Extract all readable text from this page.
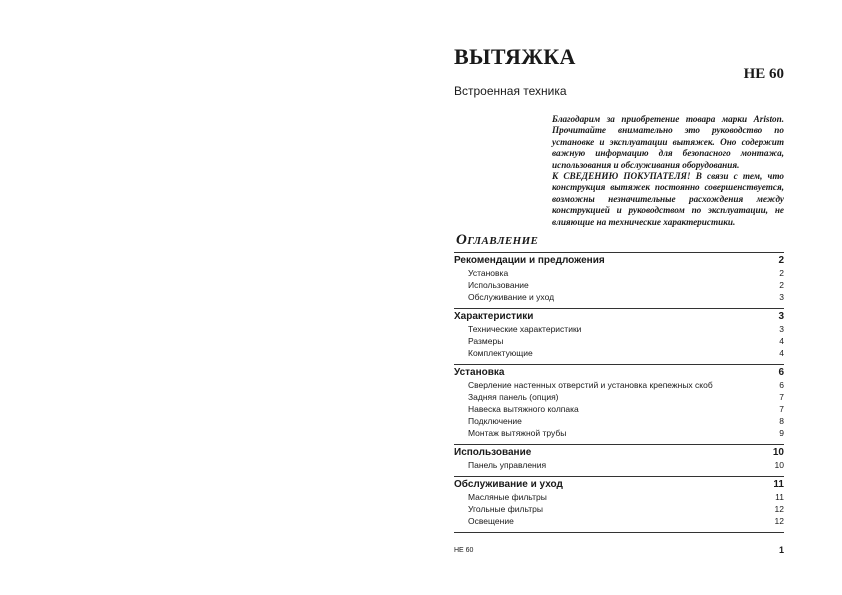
ВЫТЯЖКА
HE 60
Встроенная техника

Благодарим за приобретение товара марки Ariston. Прочитайте внимательно это руководство по установке и эксплуатации вытяжек. Оно содержит важную информацию для безопасного монтажа, использования и обслуживания оборудования.

К СВЕДЕНИЮ ПОКУПАТЕЛЯ! В связи с тем, что конструкция вытяжек постоянно совершенствуется, возможны незначительные расхождения между конструкцией и руководством по эксплуатации, не влияющие на технические характеристики.

ОГЛАВЛЕНИЕ
Рекомендации и предложения	2
Установка	2
Использование	2
Обслуживание и уход	3
Характеристики	3
Технические характеристики	3
Размеры	4
Комплектующие	4
Установка	6
Сверление настенных отверстий и установка крепежных скоб	6
Задняя панель (опция)	7
Навеска вытяжного колпака	7
Подключение	8
Монтаж вытяжной трубы	9
Использование	10
Панель управления	10
Обслуживание и уход	11
Масляные фильтры	11
Угольные фильтры	12
Освещение	12
HE 60	1
